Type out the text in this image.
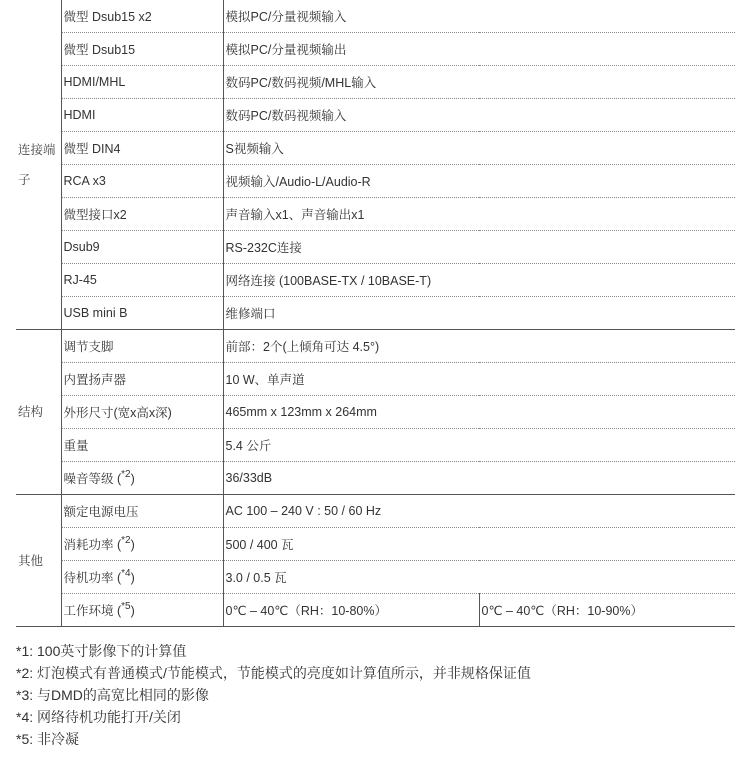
连接端子	微型 Dsub15 x2	模拟PC/分量视频输入	
	微型 Dsub15	模拟PC/分量视频输出	
	HDMI/MHL	数码PC/数码视频/MHL输入	
	HDMI	数码PC/数码视频输入	
	微型 DIN4	S视频输入	
	RCA x3	视频输入/Audio-L/Audio-R	
	微型接口x2	声音输入x1、声音输出x1	
	Dsub9	RS-232C连接	
	RJ-45	网络连接 (100BASE-TX / 10BASE-T)	
	USB mini B	维修端口	
结构	调节支脚	前部：2个(上倾角可达 4.5°)	
	内置扬声器	10 W、单声道	
	外形尺寸(宽x高x深)	465mm x 123mm x 264mm	
	重量	5.4 公斤	
	噪音等级 ($^{*2}$)	36/33dB	
其他	额定电源电压	AC 100 – 240 V : 50 / 60 Hz	
	消耗功率 ($^{*2}$)	500 / 400 瓦	
	待机功率 ($^{*4}$)	3.0 / 0.5 瓦	
	工作环境 ($^{*5}$)	0℃ – 40℃（RH：10-80%）	0℃ – 40℃（RH：10-90%）
*1: 100英寸影像下的计算值
*2: 灯泡模式有普通模式/节能模式，节能模式的亮度如计算值所示，并非规格保证值
*3: 与DMD的高宽比相同的影像
*4: 网络待机功能打开/关闭
*5: 非冷凝
